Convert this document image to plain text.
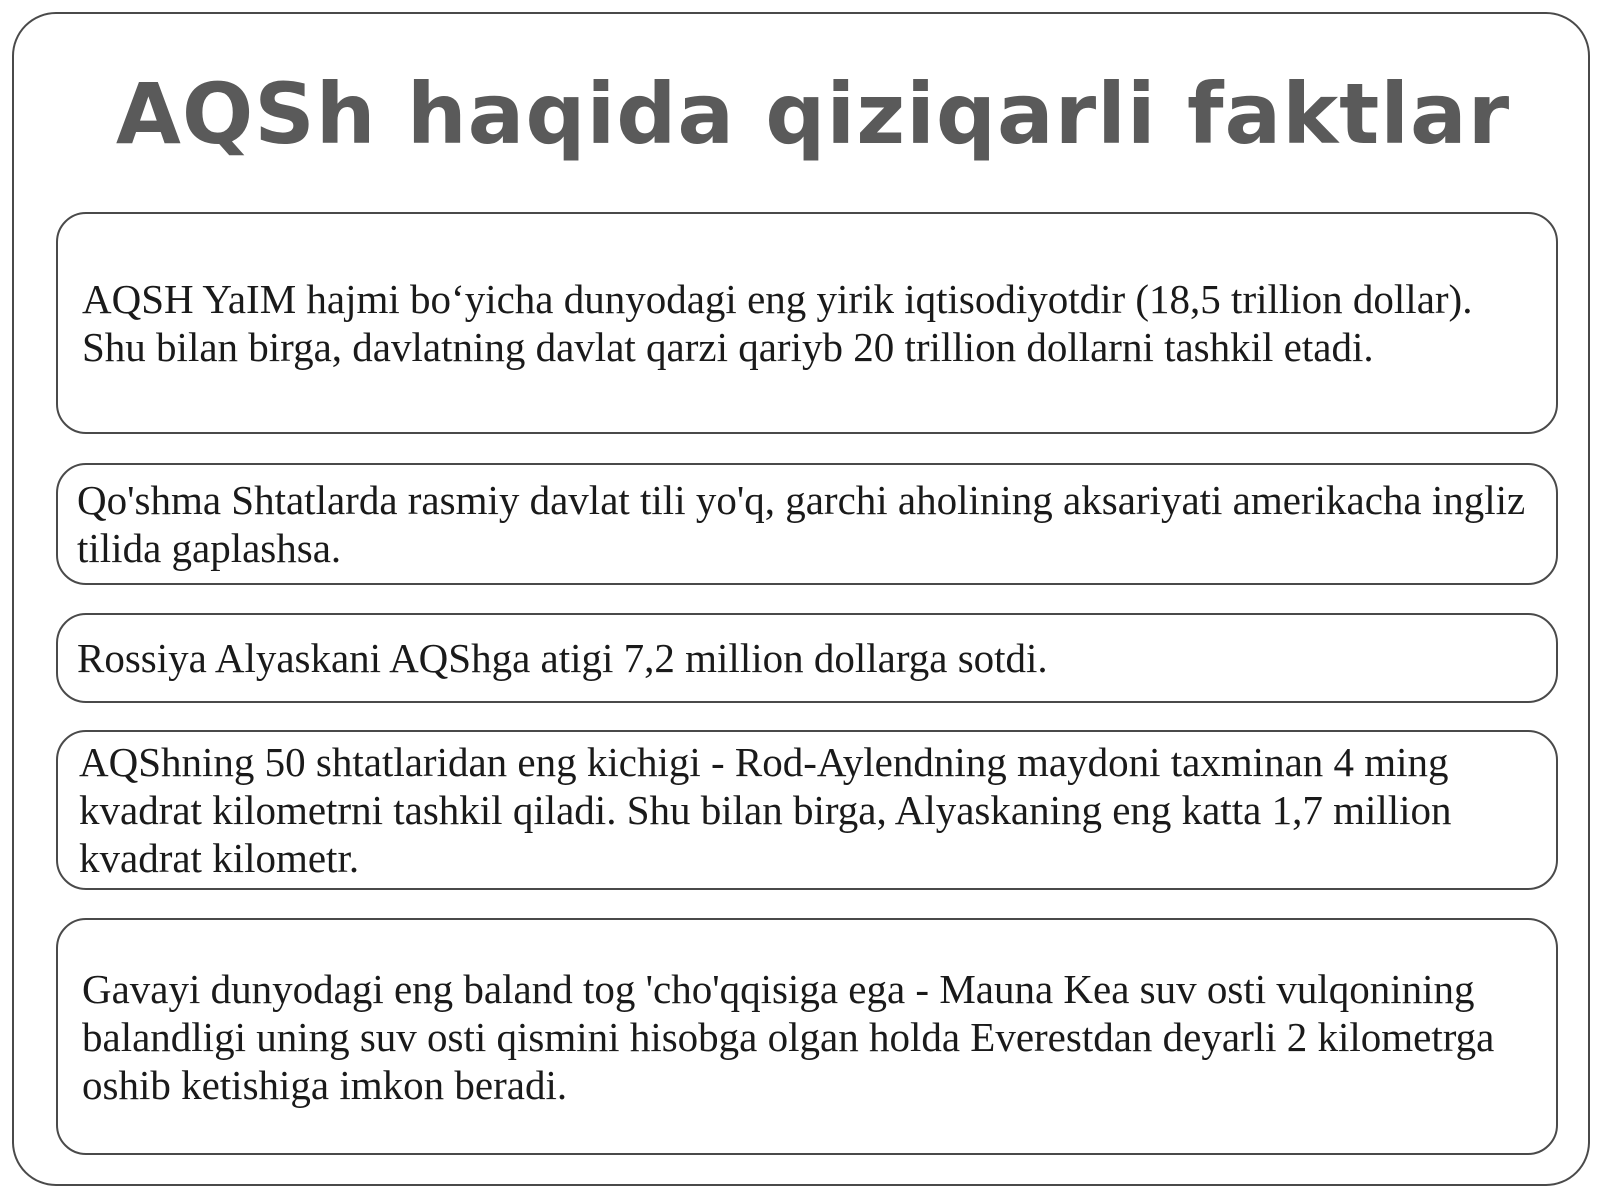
AQSh haqida qiziqarli faktlar
AQSH YaIM hajmi bo‘yicha dunyodagi eng yirik iqtisodiyotdir (18,5 trillion dollar). Shu bilan birga, davlatning davlat qarzi qariyb 20 trillion dollarni tashkil etadi.
Qo'shma Shtatlarda rasmiy davlat tili yo'q, garchi aholining aksariyati amerikacha ingliz tilida gaplashsa.
Rossiya Alyaskani AQShga atigi 7,2 million dollarga sotdi.
AQShning 50 shtatlaridan eng kichigi - Rod-Aylendning maydoni taxminan 4 ming kvadrat kilometrni tashkil qiladi. Shu bilan birga, Alyaskaning eng katta 1,7 million kvadrat kilometr.
Gavayi dunyodagi eng baland tog 'cho'qqisiga ega - Mauna Kea suv osti vulqonining balandligi uning suv osti qismini hisobga olgan holda Everestdan deyarli 2 kilometrga oshib ketishiga imkon beradi.
